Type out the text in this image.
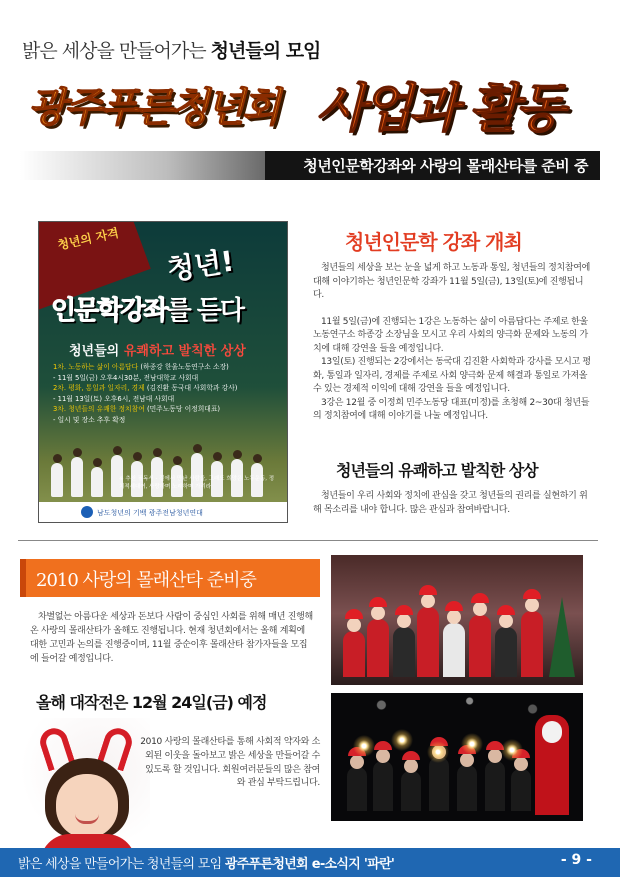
밝은 세상을 만들어가는 청년들의 모임
광주푸른청년회 사업과 활동
청년인문학강좌와 사랑의 몰래산타를 준비 중
청년의 자격
청년!
인문학강좌를 듣다
청년들의 유쾌하고 발칙한 상상
1차. 노동하는 삶이 아름답다 (하종강 한울노동연구소 소장)
- 11월 5일(금) 오후4시30분, 전남대학교 사회대
2차. 평화, 통일과 일자리, 경제 (김진환 동국대 사회학과 강사)
- 11월 13일(토) 오후6시, 전남대 사회대
3차. 청년들의 유쾌한 정치참여 (민주노동당 이정희대표)
- 일시 및 장소 추후 확정
※ 추천 필독서 - 길에서 만난 사람들, 그래도 희망은 노동운동, 정치적세대여, 사랑하며 노래하며 가리라
남도청년의 기백 광주전남청년연대
청년인문학 강좌 개최

청년들의 세상을 보는 눈을 넓게 하고 노동과 통일, 청년들의 정치참여에 대해 이야기하는 청년인문학 강좌가 11월 5일(금), 13일(토)에 진행됩니다.

11월 5일(금)에 진행되는 1강은 노동하는 삶이 아름답다는 주제로 한울노동연구소 하종강 소장님을 모시고 우리 사회의 양극화 문제와 노동의 가치에 대해 강연을 들을 예정입니다.

13일(토) 진행되는 2강에서는 동국대 김진환 사회학과 강사를 모시고 평화, 통일과 일자리, 경제를 주제로 사회 양극화 문제 해결과 통일로 가져올 수 있는 경제적 이익에 대해 강연을 들을 예정입니다.

3강은 12월 중 이정희 민주노동당 대표(미정)를 초청해 2~30대 청년들의 정치참여에 대해 이야기를 나눌 예정입니다.

청년들의 유쾌하고 발칙한 상상

청년들이 우리 사회와 정치에 관심을 갖고 청년들의 권리를 실현하기 위해 목소리를 내야 합니다. 많은 관심과 참여바랍니다.

2010 사랑의 몰래산타 준비중

차별없는 아름다운 세상과 돈보다 사람이 중심인 사회를 위해 매년 진행해 온 사랑의 몰래산타가 올해도 진행됩니다. 현재 청년회에서는 올해 계획에 대한 고민과 논의를 진행중이며, 11월 중순이후 몰래산타 참가자들을 모집에 들어갈 예정입니다.

올해 대작전은 12월 24일(금) 예정
2010 사랑의 몰래산타를 통해 사회적 약자와 소외된 이웃을 돌아보고 밝은 세상을 만들어갈 수 있도록 할 것입니다. 회원여러분들의 많은 참여와 관심 부탁드립니다.
밝은 세상을 만들어가는 청년들의 모임 광주푸른청년회 e-소식지 '파란'	- 9 -
